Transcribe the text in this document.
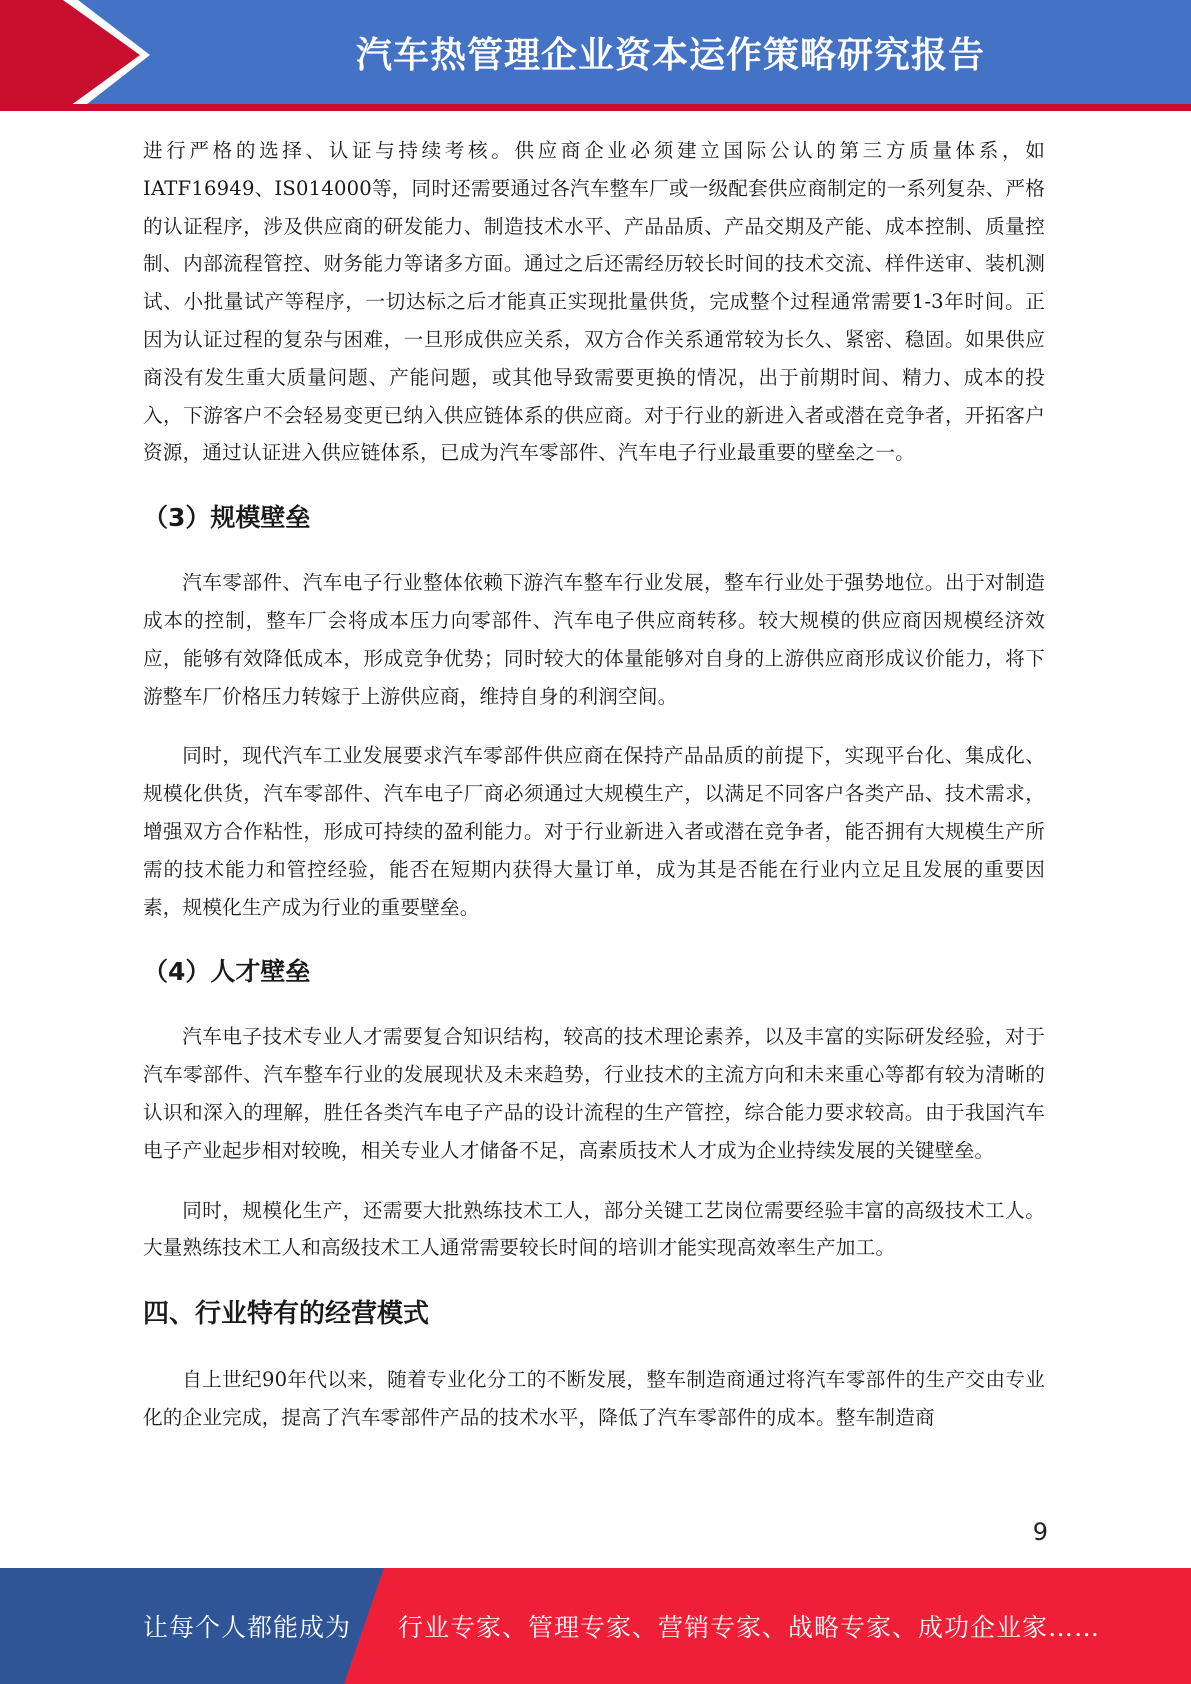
汽车热管理企业资本运作策略研究报告

进行严格的选择、认证与持续考核。供应商企业必须建立国际公认的第三方质量体系，如IATF16949、IS014000等，同时还需要通过各汽车整车厂或一级配套供应商制定的一系列复杂、严格的认证程序，涉及供应商的研发能力、制造技术水平、产品品质、产品交期及产能、成本控制、质量控制、内部流程管控、财务能力等诸多方面。通过之后还需经历较长时间的技术交流、样件送审、装机测试、小批量试产等程序，一切达标之后才能真正实现批量供货，完成整个过程通常需要1-3年时间。正因为认证过程的复杂与困难，一旦形成供应关系，双方合作关系通常较为长久、紧密、稳固。如果供应商没有发生重大质量问题、产能问题，或其他导致需要更换的情况，出于前期时间、精力、成本的投入，下游客户不会轻易变更已纳入供应链体系的供应商。对于行业的新进入者或潜在竞争者，开拓客户资源，通过认证进入供应链体系，已成为汽车零部件、汽车电子行业最重要的壁垒之一。

（3）规模壁垒

汽车零部件、汽车电子行业整体依赖下游汽车整车行业发展，整车行业处于强势地位。出于对制造成本的控制，整车厂会将成本压力向零部件、汽车电子供应商转移。较大规模的供应商因规模经济效应，能够有效降低成本，形成竞争优势；同时较大的体量能够对自身的上游供应商形成议价能力，将下游整车厂价格压力转嫁于上游供应商，维持自身的利润空间。

同时，现代汽车工业发展要求汽车零部件供应商在保持产品品质的前提下，实现平台化、集成化、规模化供货，汽车零部件、汽车电子厂商必须通过大规模生产，以满足不同客户各类产品、技术需求，增强双方合作粘性，形成可持续的盈利能力。对于行业新进入者或潜在竞争者，能否拥有大规模生产所需的技术能力和管控经验，能否在短期内获得大量订单，成为其是否能在行业内立足且发展的重要因素，规模化生产成为行业的重要壁垒。

（4）人才壁垒

汽车电子技术专业人才需要复合知识结构，较高的技术理论素养，以及丰富的实际研发经验，对于汽车零部件、汽车整车行业的发展现状及未来趋势，行业技术的主流方向和未来重心等都有较为清晰的认识和深入的理解，胜任各类汽车电子产品的设计流程的生产管控，综合能力要求较高。由于我国汽车电子产业起步相对较晚，相关专业人才储备不足，高素质技术人才成为企业持续发展的关键壁垒。

同时，规模化生产，还需要大批熟练技术工人，部分关键工艺岗位需要经验丰富的高级技术工人。大量熟练技术工人和高级技术工人通常需要较长时间的培训才能实现高效率生产加工。

四、行业特有的经营模式

自上世纪90年代以来，随着专业化分工的不断发展，整车制造商通过将汽车零部件的生产交由专业化的企业完成，提高了汽车零部件产品的技术水平，降低了汽车零部件的成本。整车制造商

9
让每个人都能成为 行业专家、管理专家、营销专家、战略专家、成功企业家……
